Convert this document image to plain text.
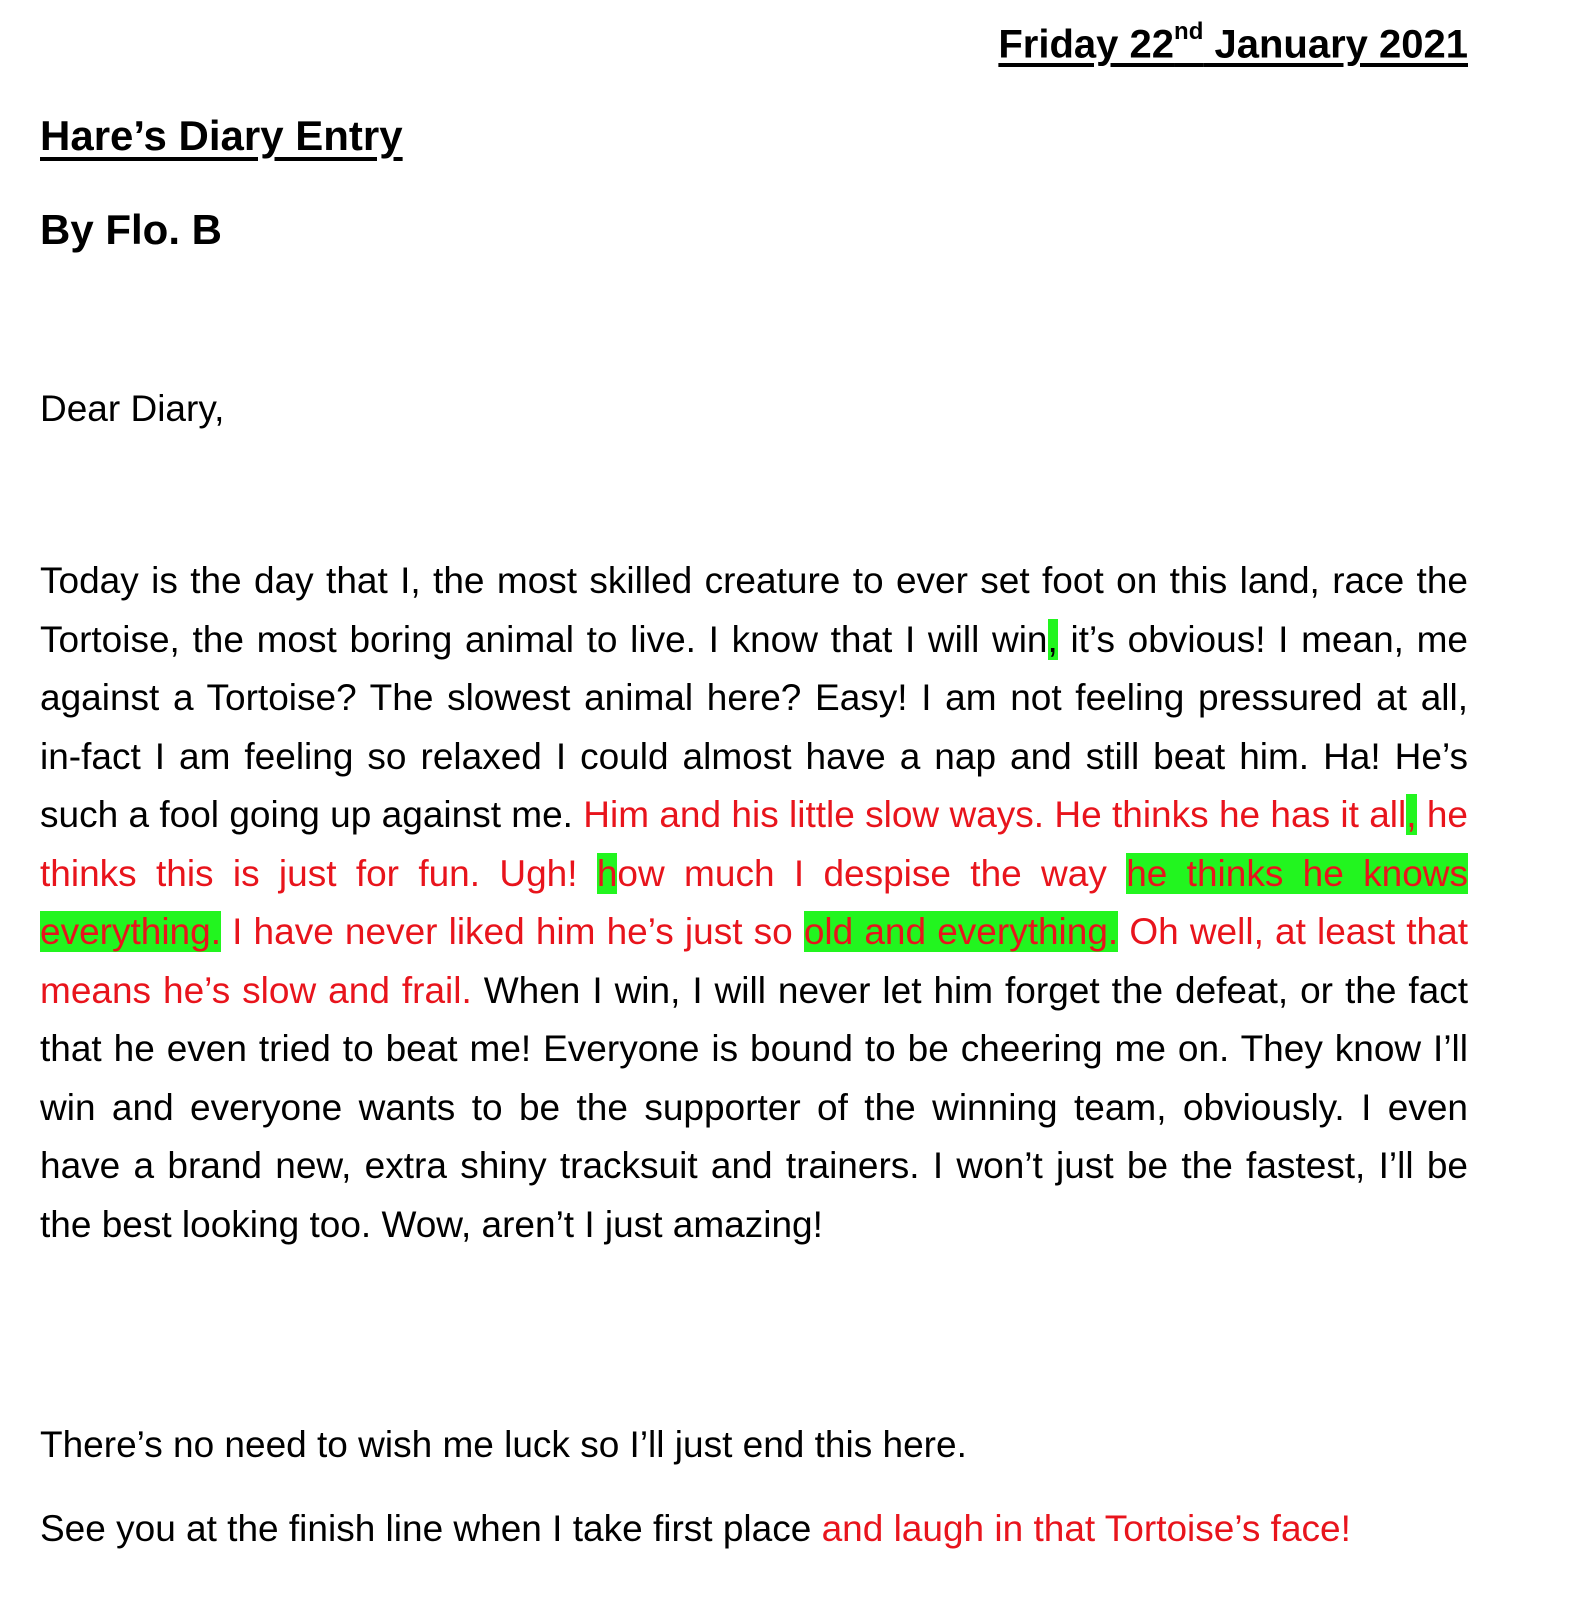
Friday 22nd January 2021

Hare’s Diary Entry
By Flo. B

Dear Diary,

Today is the day that I, the most skilled creature to ever set foot on this land, race the Tortoise, the most boring animal to live. I know that I will win, it’s obvious! I mean, me against a Tortoise? The slowest animal here? Easy! I am not feeling pressured at all, in-fact I am feeling so relaxed I could almost have a nap and still beat him. Ha! He’s such a fool going up against me. Him and his little slow ways. He thinks he has it all, he thinks this is just for fun. Ugh! how much I despise the way he thinks he knows everything. I have never liked him he’s just so old and everything. Oh well, at least that means he’s slow and frail. When I win, I will never let him forget the defeat, or the fact that he even tried to beat me! Everyone is bound to be cheering me on. They know I’ll win and everyone wants to be the supporter of the winning team, obviously. I even have a brand new, extra shiny tracksuit and trainers. I won’t just be the fastest, I’ll be the best looking too. Wow, aren’t I just amazing!

There’s no need to wish me luck so I’ll just end this here.

See you at the finish line when I take first place and laugh in that Tortoise’s face!
